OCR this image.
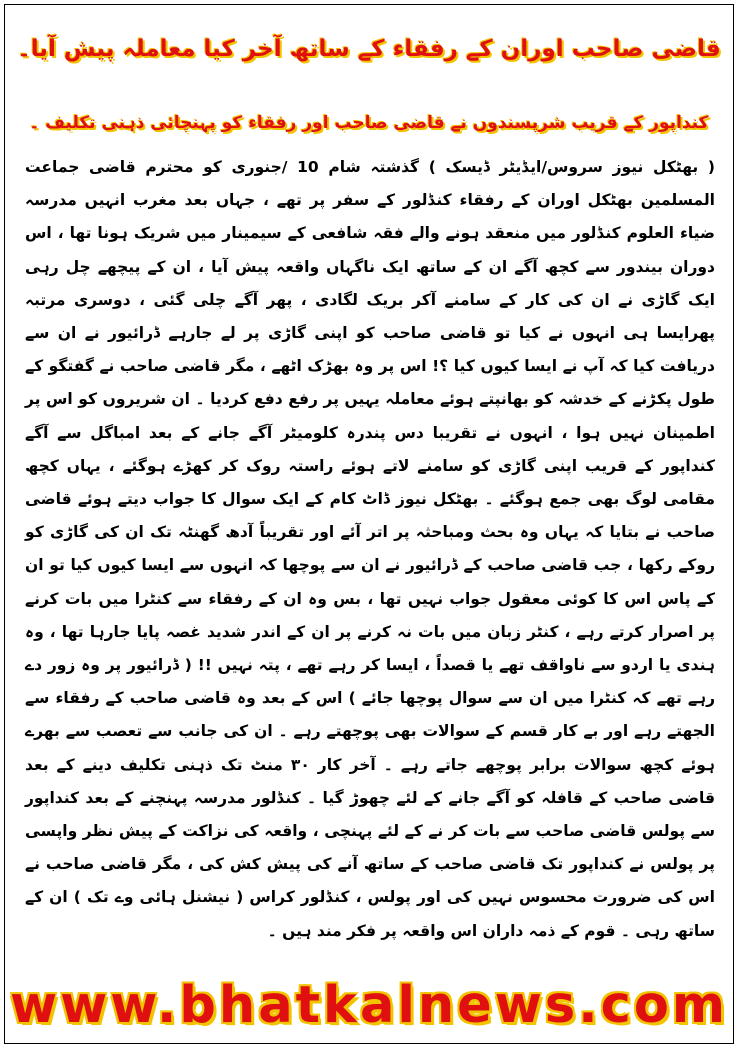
قاضی صاحب اوران کے رفقاء کے ساتھ آخر کیا معاملہ پیش آیا۔
کنداپور کے قریب شرپسندوں نے قاضی صاحب اور رفقاء کو پہنچائی ذہنی تکلیف ۔

( بھٹکل نیوز سروس/ایڈیٹر ڈیسک ) گذشتہ شام 10 /جنوری کو محترم قاضی جماعت المسلمین بھٹکل اوران کے رفقاء کنڈلور کے سفر پر تھے ، جہاں بعد مغرب انہیں مدرسہ ضیاء العلوم کنڈلور میں منعقد ہونے والے فقہ شافعی کے سیمینار میں شریک ہونا تھا ، اس دوران بیندور سے کچھ آگے ان کے ساتھ ایک ناگہاں واقعہ پیش آیا ، ان کے پیچھے چل رہی ایک گاڑی نے ان کی کار کے سامنے آکر بریک لگادی ، پھر آگے چلی گئی ، دوسری مرتبہ پھرایسا ہی انہوں نے کیا تو قاضی صاحب کو اپنی گاڑی پر لے جارہے ڈرائیور نے ان سے دریافت کیا کہ آپ نے ایسا کیوں کیا ؟! اس پر وہ بھڑک اٹھے ، مگر قاضی صاحب نے گفتگو کے طول پکڑنے کے خدشہ کو بھانپتے ہوئے معاملہ یہیں پر رفع دفع کردیا ۔ ان شریروں کو اس پر اطمینان نہیں ہوا ، انہوں نے تقریبا دس پندرہ کلومیٹر آگے جانے کے بعد امباگل سے آگے کنداپور کے قریب اپنی گاڑی کو سامنے لاتے ہوئے راستہ روک کر کھڑے ہوگئے ، یہاں کچھ مقامی لوگ بھی جمع ہوگئے ۔ بھٹکل نیوز ڈاٹ کام کے ایک سوال کا جواب دیتے ہوئے قاضی صاحب نے بتایا کہ یہاں وہ بحث ومباحثہ پر اتر آئے اور تقریباً آدھ گھنٹہ تک ان کی گاڑی کو روکے رکھا ، جب قاضی صاحب کے ڈرائیور نے ان سے پوچھا کہ انہوں سے ایسا کیوں کیا تو ان کے پاس اس کا کوئی معقول جواب نہیں تھا ، بس وہ ان کے رفقاء سے کنٹرا میں بات کرنے پر اصرار کرتے رہے ، کنٹر زبان میں بات نہ کرنے پر ان کے اندر شدید غصہ پایا جارہا تھا ، وہ ہندی یا اردو سے ناواقف تھے یا قصداً ، ایسا کر رہے تھے ، پتہ نہیں !! ( ڈرائیور پر وہ زور دے رہے تھے کہ کنٹرا میں ان سے سوال پوچھا جائے ) اس کے بعد وہ قاضی صاحب کے رفقاء سے الجھتے رہے اور بے کار قسم کے سوالات بھی پوچھتے رہے ۔ ان کی جانب سے تعصب سے بھرے ہوئے کچھ سوالات برابر پوچھے جاتے رہے ۔ آخر کار ۳۰ منٹ تک ذہنی تکلیف دینے کے بعد قاضی صاحب کے قافلہ کو آگے جانے کے لئے چھوڑ گیا ۔ کنڈلور مدرسہ پہنچنے کے بعد کنداپور سے پولس قاضی صاحب سے بات کر نے کے لئے پہنچی ، واقعہ کی نزاکت کے پیش نظر واپسی پر پولس نے کنداپور تک قاضی صاحب کے ساتھ آنے کی پیش کش کی ، مگر قاضی صاحب نے اس کی ضرورت محسوس نہیں کی اور پولس ، کنڈلور کراس ( نیشنل ہائی وے تک ) ان کے ساتھ رہی ۔ قوم کے ذمہ داران اس واقعہ پر فکر مند ہیں ۔

www.bhatkalnews.com
